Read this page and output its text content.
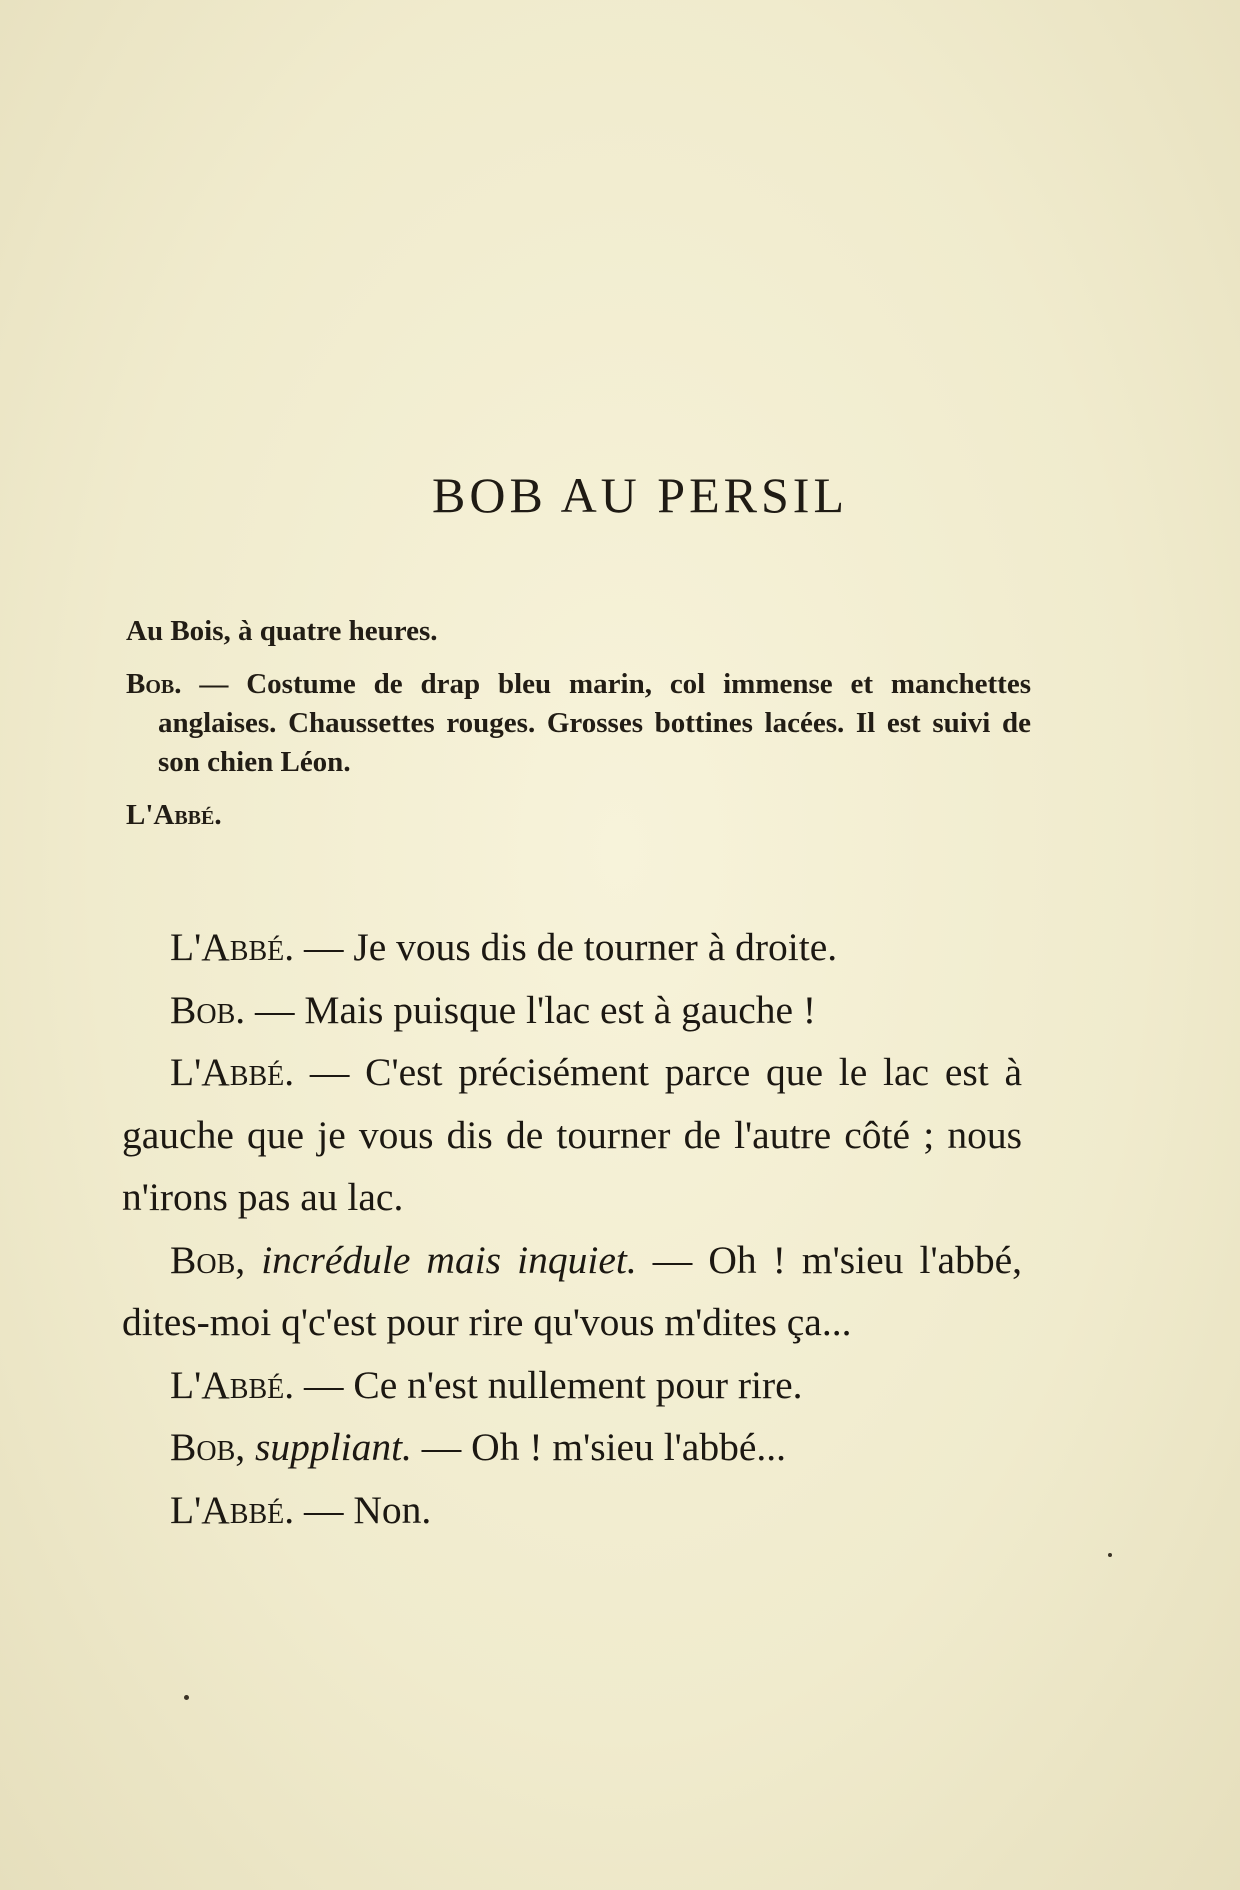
BOB AU PERSIL

Au Bois, à quatre heures.

Bob. — Costume de drap bleu marin, col immense et manchettes anglaises. Chaussettes rouges. Grosses bottines lacées. Il est suivi de son chien Léon.

L'Abbé.

L'Abbé. — Je vous dis de tourner à droite.

Bob. — Mais puisque l'lac est à gauche !

L'Abbé. — C'est précisément parce que le lac est à gauche que je vous dis de tourner de l'autre côté ; nous n'irons pas au lac.

Bob, incrédule mais inquiet. — Oh ! m'sieu l'abbé, dites-moi q'c'est pour rire qu'vous m'dites ça...

L'Abbé. — Ce n'est nullement pour rire.

Bob, suppliant. — Oh ! m'sieu l'abbé...

L'Abbé. — Non.
